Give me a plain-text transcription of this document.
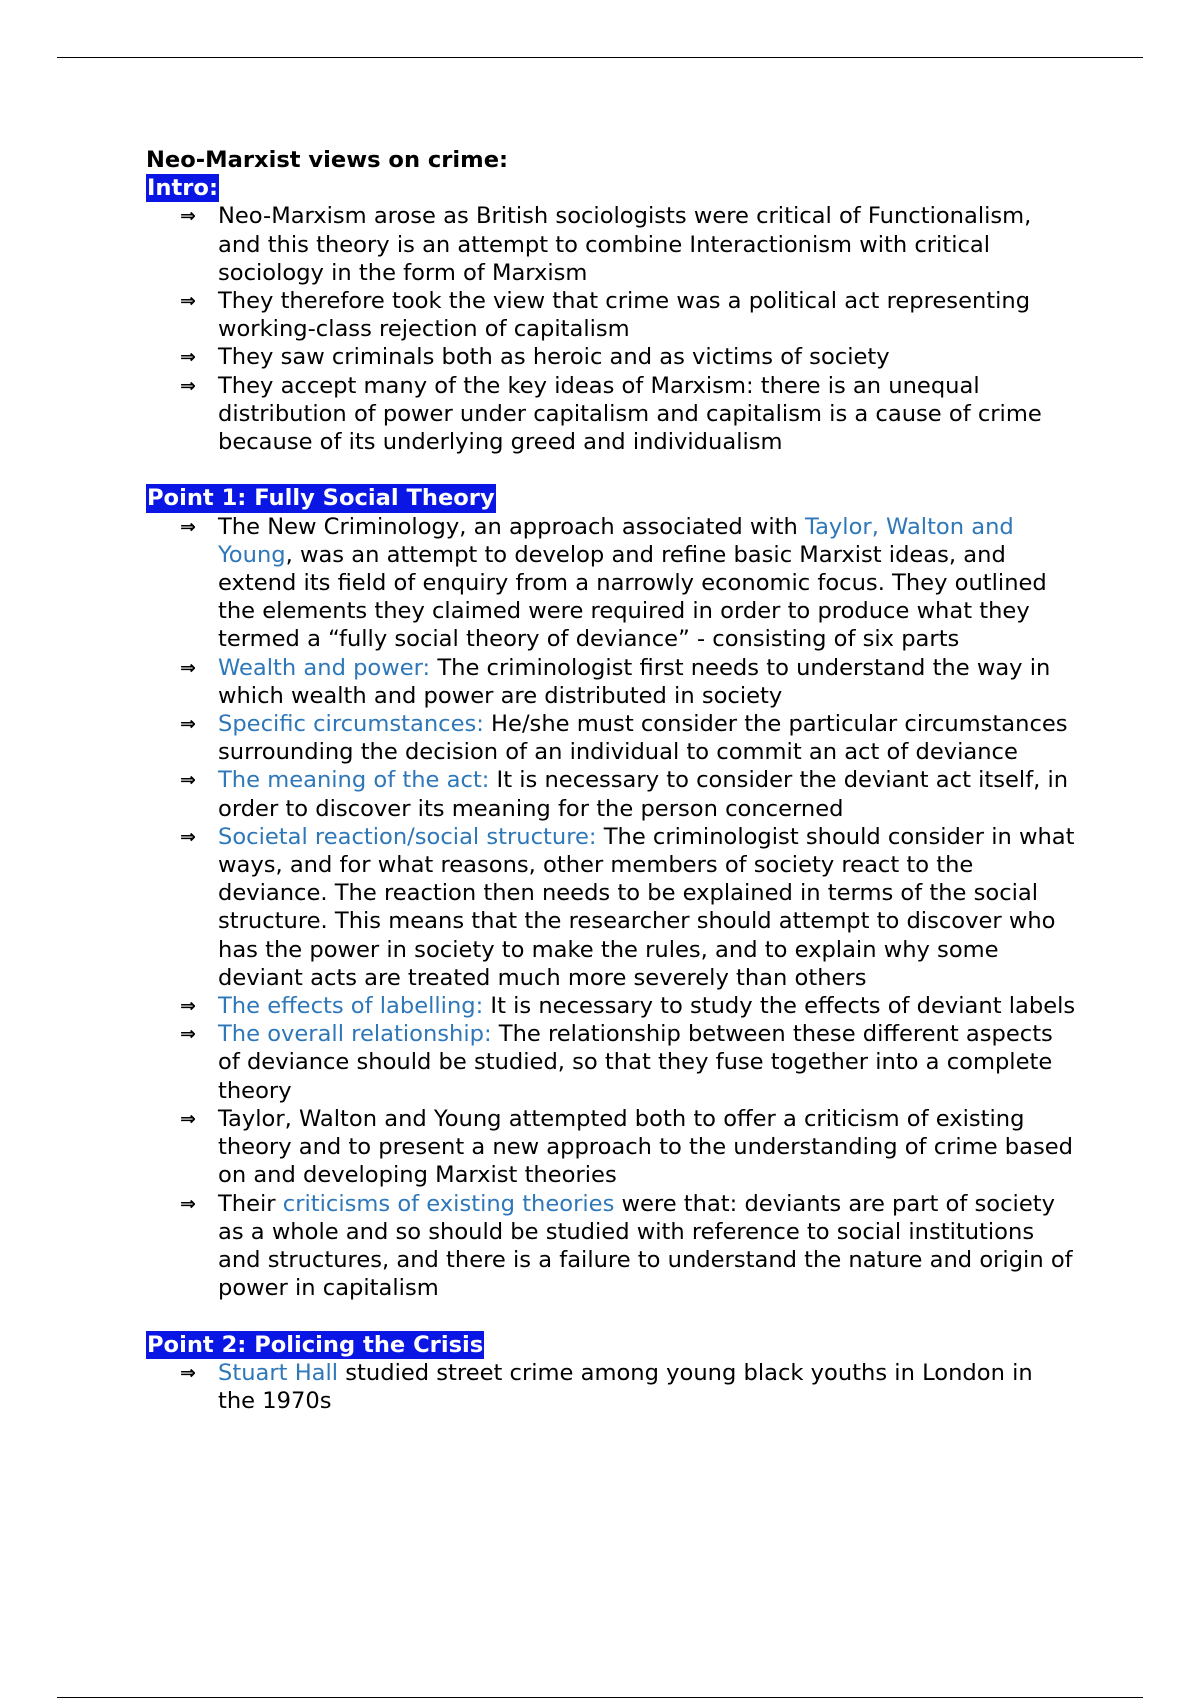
Neo-Marxist views on crime:

Intro:
⇒ Neo-Marxism arose as British sociologists were critical of Functionalism, and this theory is an attempt to combine Interactionism with critical sociology in the form of Marxism
⇒ They therefore took the view that crime was a political act representing working-class rejection of capitalism
⇒ They saw criminals both as heroic and as victims of society
⇒ They accept many of the key ideas of Marxism: there is an unequal distribution of power under capitalism and capitalism is a cause of crime because of its underlying greed and individualism
Point 1: Fully Social Theory
⇒ The New Criminology, an approach associated with Taylor, Walton and Young, was an attempt to develop and refine basic Marxist ideas, and extend its field of enquiry from a narrowly economic focus. They outlined the elements they claimed were required in order to produce what they termed a “fully social theory of deviance” - consisting of six parts
⇒ Wealth and power: The criminologist first needs to understand the way in which wealth and power are distributed in society
⇒ Specific circumstances: He/she must consider the particular circumstances surrounding the decision of an individual to commit an act of deviance
⇒ The meaning of the act: It is necessary to consider the deviant act itself, in order to discover its meaning for the person concerned
⇒ Societal reaction/social structure: The criminologist should consider in what ways, and for what reasons, other members of society react to the deviance. The reaction then needs to be explained in terms of the social structure. This means that the researcher should attempt to discover who has the power in society to make the rules, and to explain why some deviant acts are treated much more severely than others
⇒ The effects of labelling: It is necessary to study the effects of deviant labels
⇒ The overall relationship: The relationship between these different aspects of deviance should be studied, so that they fuse together into a complete theory
⇒ Taylor, Walton and Young attempted both to offer a criticism of existing theory and to present a new approach to the understanding of crime based on and developing Marxist theories
⇒ Their criticisms of existing theories were that: deviants are part of society as a whole and so should be studied with reference to social institutions and structures, and there is a failure to understand the nature and origin of power in capitalism
Point 2: Policing the Crisis
⇒ Stuart Hall studied street crime among young black youths in London in the 1970s
